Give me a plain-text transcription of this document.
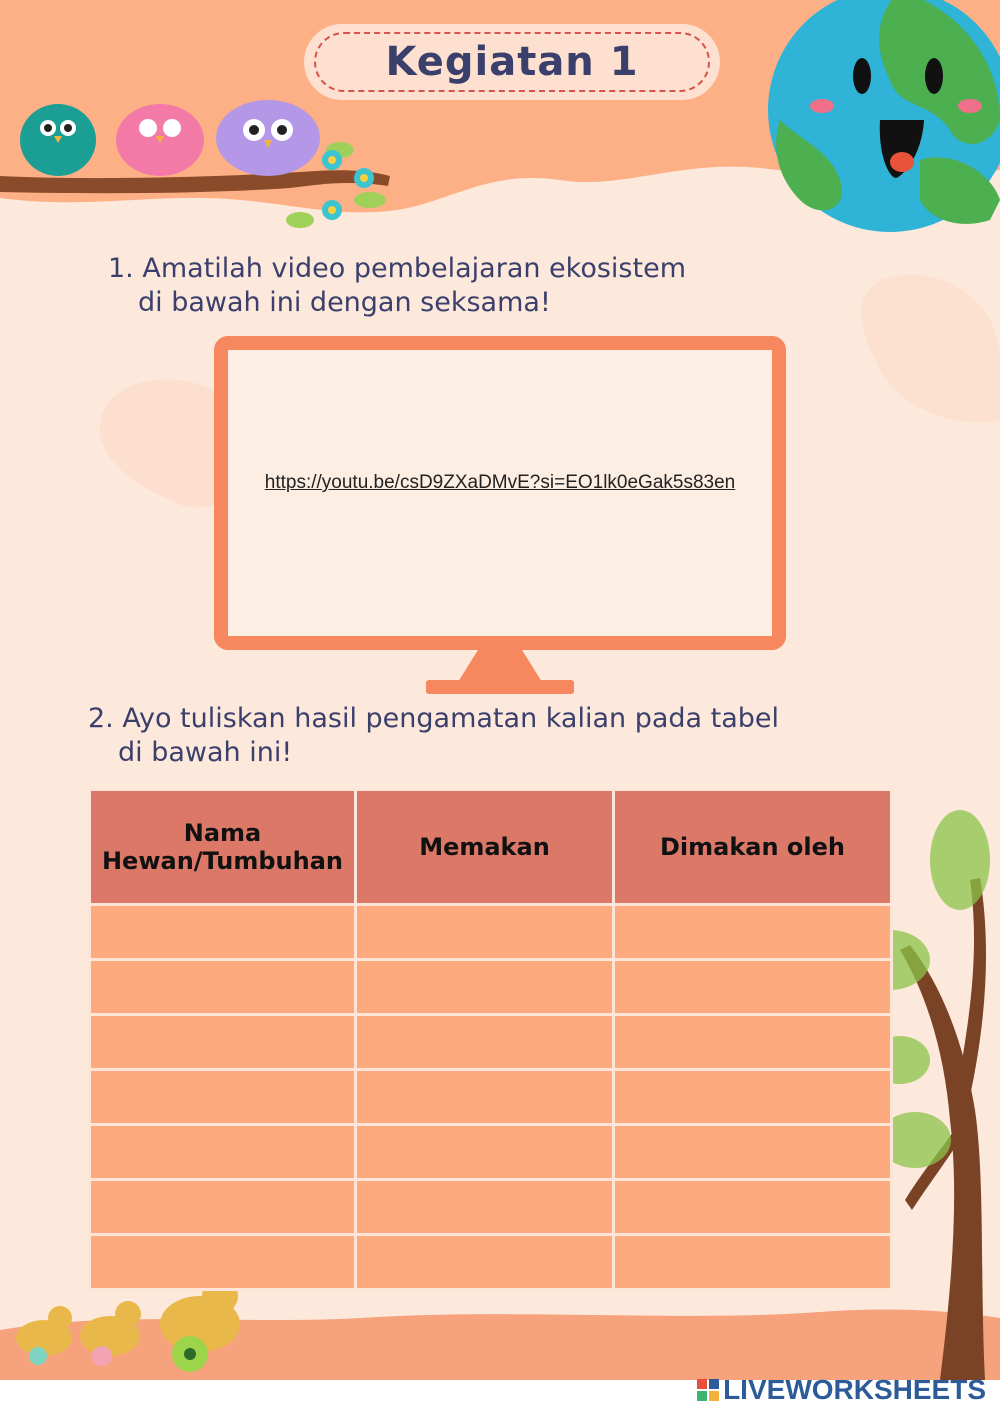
Kegiatan 1
1. Amatilah video pembelajaran ekosistem
di bawah ini dengan seksama!
https://youtu.be/csD9ZXaDMvE?si=EO1lk0eGak5s83en
2. Ayo tuliskan hasil pengamatan kalian pada tabel
di bawah ini!
Nama
Hewan/Tumbuhan	Memakan	Dimakan oleh

LIVEWORKSHEETS
